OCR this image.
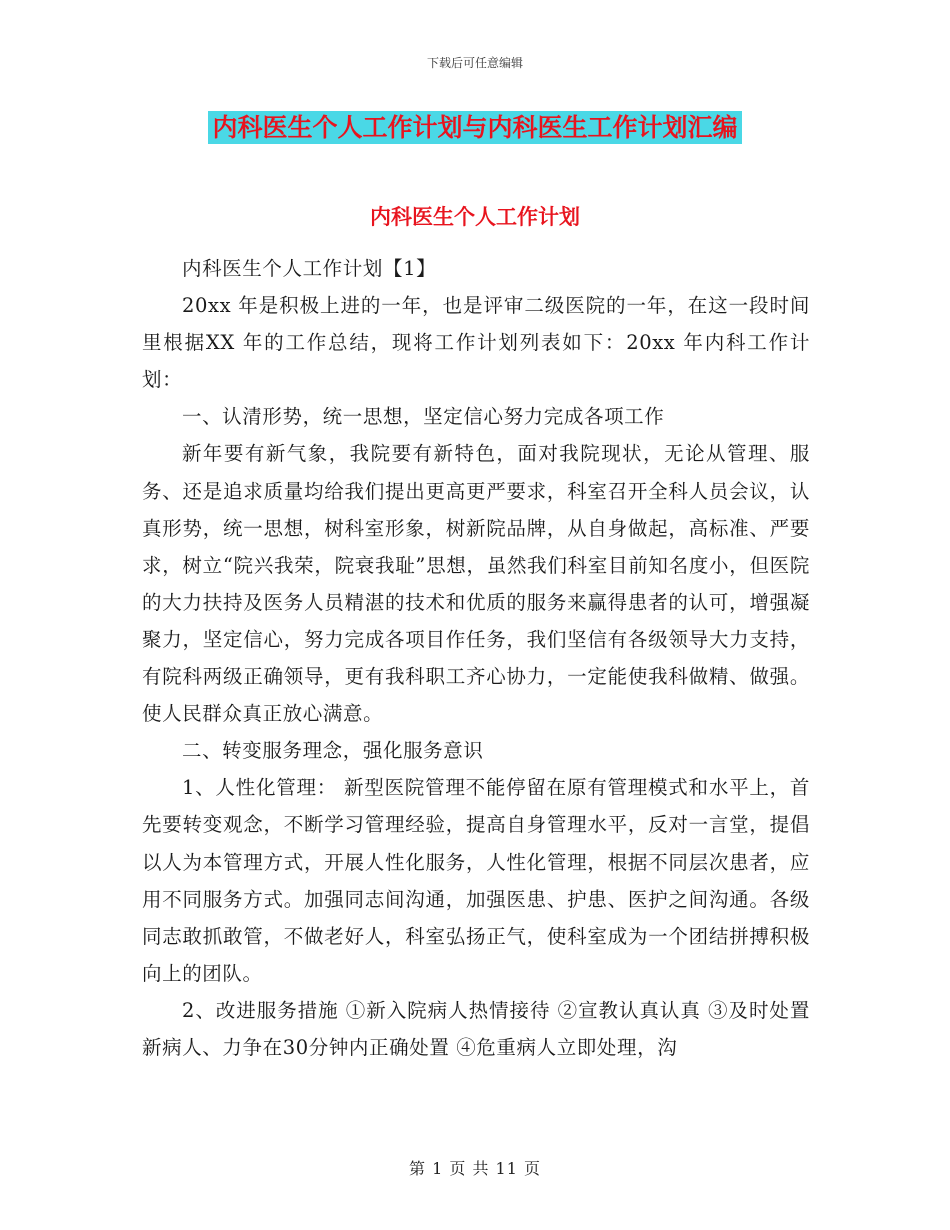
下载后可任意编辑
内科医生个人工作计划与内科医生工作计划汇编
内科医生个人工作计划

内科医生个人工作计划【1】

20xx 年是积极上进的一年，也是评审二级医院的一年，在这一段时间里根据XX 年的工作总结，现将工作计划列表如下：20xx 年内科工作计划：

一、认清形势，统一思想，坚定信心努力完成各项工作

新年要有新气象，我院要有新特色，面对我院现状，无论从管理、服务、还是追求质量均给我们提出更高更严要求，科室召开全科人员会议，认真形势，统一思想，树科室形象，树新院品牌，从自身做起，高标准、严要求，树立“院兴我荣，院衰我耻”思想，虽然我们科室目前知名度小，但医院的大力扶持及医务人员精湛的技术和优质的服务来赢得患者的认可，增强凝聚力，坚定信心，努力完成各项目作任务，我们坚信有各级领导大力支持，有院科两级正确领导，更有我科职工齐心协力，一定能使我科做精、做强。使人民群众真正放心满意。

二、转变服务理念，强化服务意识

1、人性化管理： 新型医院管理不能停留在原有管理模式和水平上，首先要转变观念，不断学习管理经验，提高自身管理水平，反对一言堂，提倡以人为本管理方式，开展人性化服务，人性化管理，根据不同层次患者，应用不同服务方式。加强同志间沟通，加强医患、护患、医护之间沟通。各级同志敢抓敢管，不做老好人，科室弘扬正气，使科室成为一个团结拼搏积极向上的团队。

2、改进服务措施 ①新入院病人热情接待 ②宣教认真认真 ③及时处置新病人、力争在30分钟内正确处置 ④危重病人立即处理，沟

第 1 页 共 11 页
